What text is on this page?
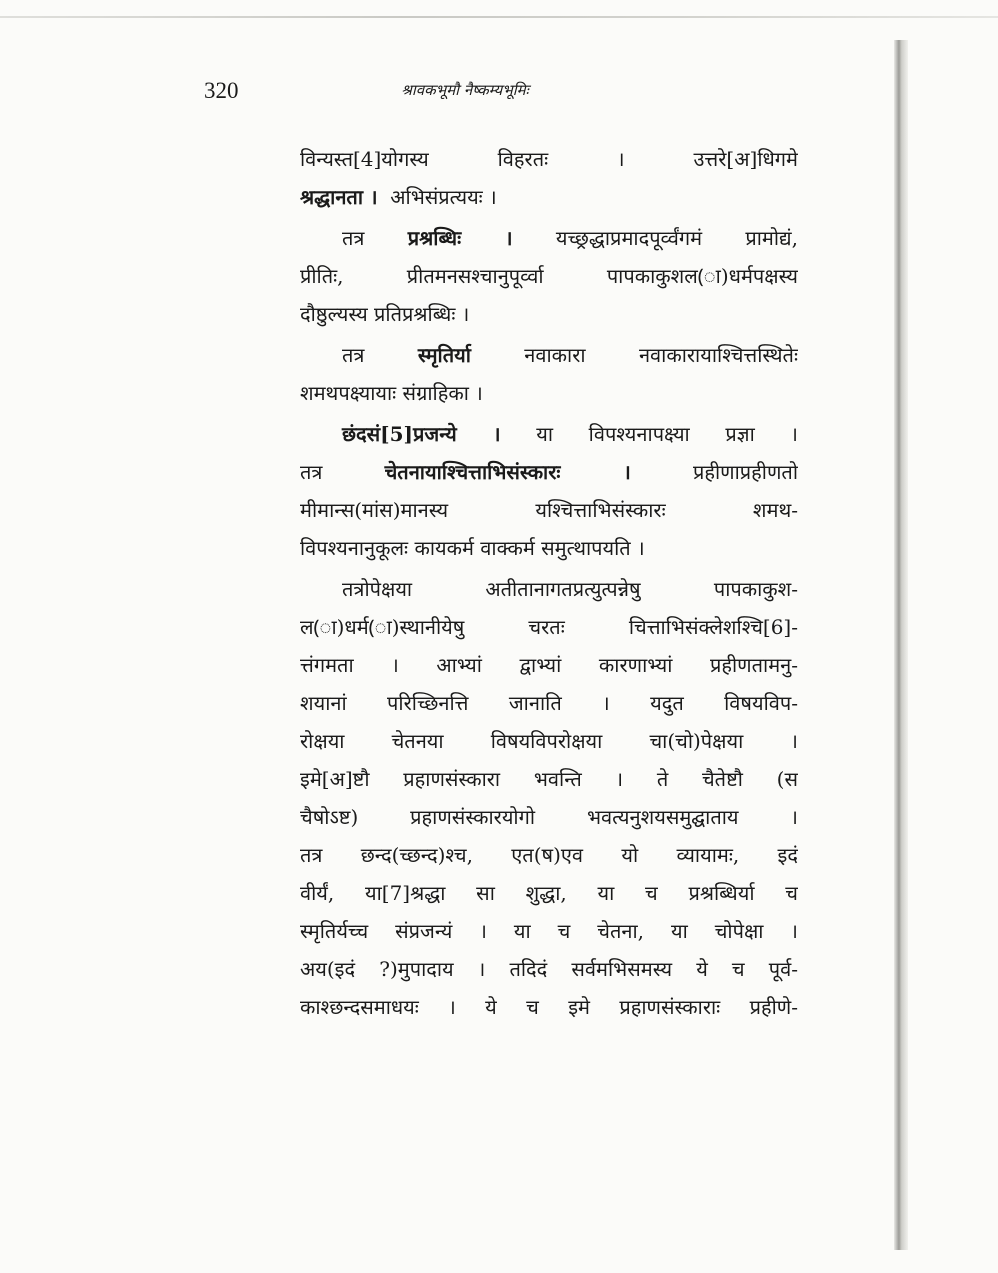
320	श्रावकभूमौ नैष्कम्यभूमिः
विन्यस्त[4]योगस्य	विहरतः ।	उत्तरे[अ]धिगमे
श्रद्धानता । अभिसंप्रत्ययः ।
तत्र प्रश्रब्धिः । यच्छ्रद्धाप्रमादपूर्व्वंगमं प्रामोद्यं,
प्रीतिः, प्रीतमनसश्चानुपूर्व्वा पापकाकुशल(ा)धर्मपक्षस्य
दौष्ठुल्यस्य प्रतिप्रश्रब्धिः ।
तत्र	स्मृतिर्या	नवाकारा नवाकारायाश्चित्तस्थितेः
शमथपक्ष्यायाः संग्राहिका ।
छंदसं[5]प्रजन्ये । या विपश्यनापक्ष्या प्रज्ञा ।
तत्र	चेतनायाश्चित्ताभिसंस्कारः ।	प्रहीणाप्रहीणतो
मीमान्स(मांस)मानस्य यश्चित्ताभिसंस्कारः शमथ-
विपश्यनानुकूलः कायकर्म वाक्कर्म समुत्थापयति ।
तत्रोपेक्षया अतीतानागतप्रत्युत्पन्नेषु पापकाकुश-
ल(ा)धर्म(ा)स्थानीयेषु चरतः चित्ताभिसंक्लेशश्चि[6]-
त्तंगमता । आभ्यां द्वाभ्यां कारणाभ्यां प्रहीणतामनु-
शयानां परिच्छिनत्ति जानाति । यदुत विषयविप-
रोक्षया चेतनया विषयविपरोक्षया चा(चो)पेक्षया ।
इमे[अ]ष्टौ प्रहाणसंस्कारा भवन्ति । ते चैतेष्टौ (स
चैषोऽष्ट) प्रहाणसंस्कारयोगो भवत्यनुशयसमुद्घाताय ।
तत्र छन्द(च्छन्द)श्च, एत(ष)एव यो व्यायामः, इदं
वीर्यं, या[7]श्रद्धा सा शुद्धा, या च प्रश्रब्धिर्या च
स्मृतिर्यच्च संप्रजन्यं । या च चेतना, या चोपेक्षा ।
अय(इदं ?)मुपादाय । तदिदं सर्वमभिसमस्य ये च पूर्व-
काश्छन्दसमाधयः । ये च इमे प्रहाणसंस्काराः प्रहीणे-
